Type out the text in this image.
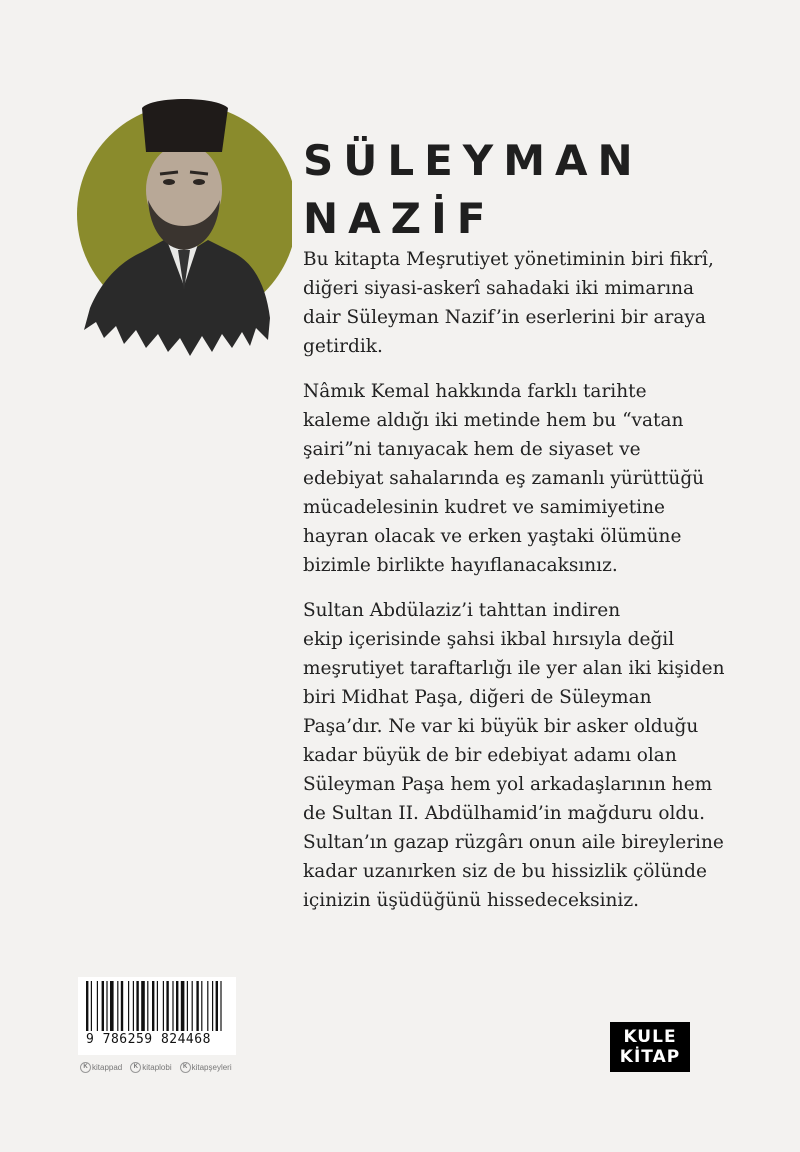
SÜLEYMAN
NAZİF

Bu kitapta Meşrutiyet yönetiminin biri fikrî,
diğeri siyasi-askerî sahadaki iki mimarına
dair Süleyman Nazif’in eserlerini bir araya
getirdik.

Nâmık Kemal hakkında farklı tarihte
kaleme aldığı iki metinde hem bu “vatan
şairi”ni tanıyacak hem de siyaset ve
edebiyat sahalarında eş zamanlı yürüttüğü
mücadelesinin kudret ve samimiyetine
hayran olacak ve erken yaştaki ölümüne
bizimle birlikte hayıflanacaksınız.

Sultan Abdülaziz’i tahttan indiren
ekip içerisinde şahsi ikbal hırsıyla değil
meşrutiyet taraftarlığı ile yer alan iki kişiden
biri Midhat Paşa, diğeri de Süleyman
Paşa’dır. Ne var ki büyük bir asker olduğu
kadar büyük de bir edebiyat adamı olan
Süleyman Paşa hem yol arkadaşlarının hem
de Sultan II. Abdülhamid’in mağduru oldu.
Sultan’ın gazap rüzgârı onun aile bireylerine
kadar uzanırken siz de bu hissizlik çölünde
içinizin üşüdüğünü hissedeceksiniz.

9 786259 824468
K kitappad	K kitaplobi	K kitapşeyleri
KULE
KİTAP
